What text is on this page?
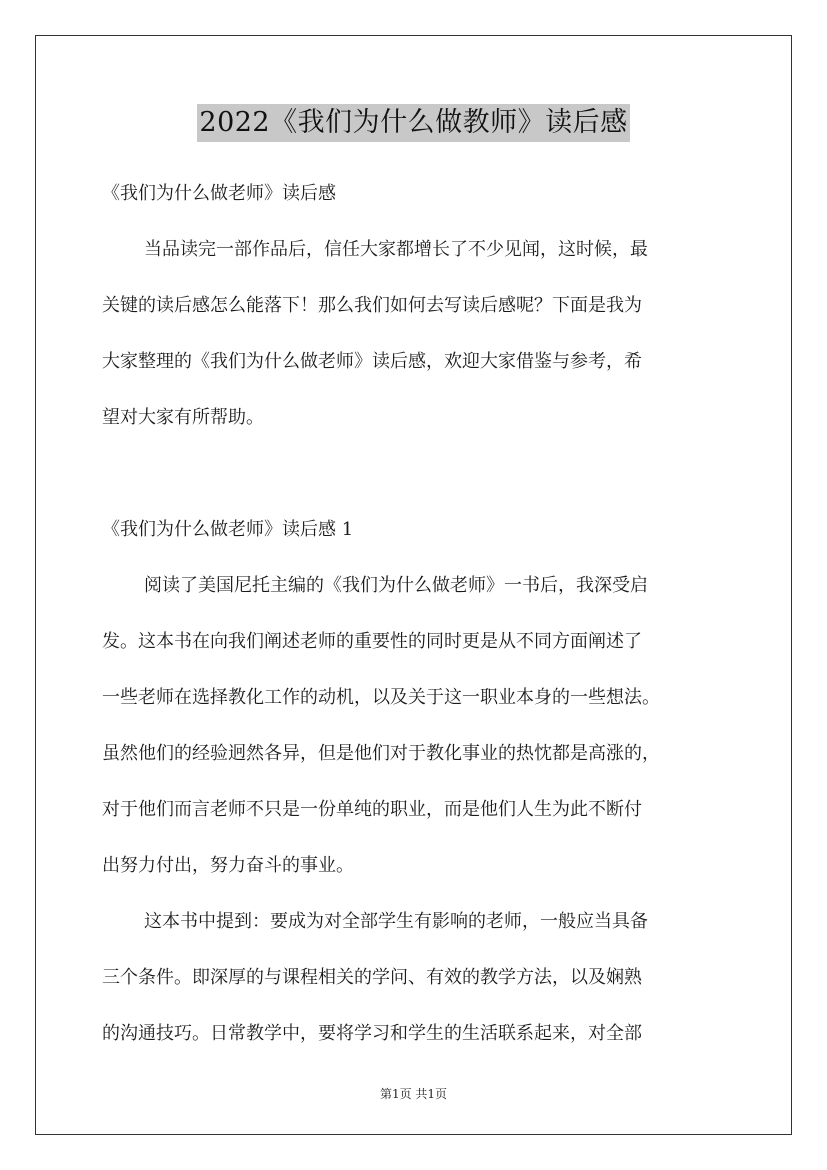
2022《我们为什么做教师》读后感

《我们为什么做老师》读后感

当品读完一部作品后，信任大家都增长了不少见闻，这时候，最

关键的读后感怎么能落下！那么我们如何去写读后感呢？下面是我为

大家整理的《我们为什么做老师》读后感，欢迎大家借鉴与参考，希

望对大家有所帮助。

《我们为什么做老师》读后感 1

阅读了美国尼托主编的《我们为什么做老师》一书后，我深受启

发。这本书在向我们阐述老师的重要性的同时更是从不同方面阐述了

一些老师在选择教化工作的动机，以及关于这一职业本身的一些想法。

虽然他们的经验迥然各异，但是他们对于教化事业的热忱都是高涨的，

对于他们而言老师不只是一份单纯的职业，而是他们人生为此不断付

出努力付出，努力奋斗的事业。

这本书中提到：要成为对全部学生有影响的老师，一般应当具备

三个条件。即深厚的与课程相关的学问、有效的教学方法，以及娴熟

的沟通技巧。日常教学中，要将学习和学生的生活联系起来，对全部

第1页 共1页
